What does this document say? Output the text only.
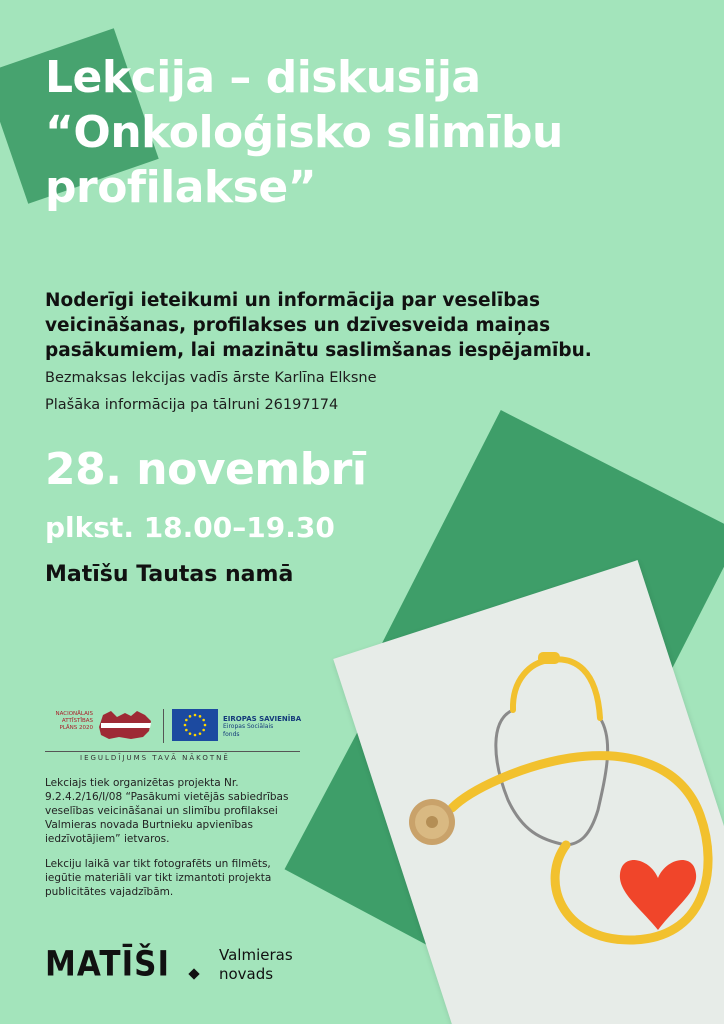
Lekcija – diskusija
“Onkoloģisko slimību
profilakse”
Noderīgi ieteikumi un informācija par veselības
veicināšanas, profilakses un dzīvesveida maiņas
pasākumiem, lai mazinātu saslimšanas iespējamību.
Bezmaksas lekcijas vadīs ārste Karlīna Elksne
Plašāka informācija pa tālruni 26197174
28. novembrī
plkst. 18.00–19.30
Matīšu Tautas namā
NACIONĀLAIS
ATTĪSTĪBAS
PLĀNS 2020
EIROPAS SAVIENĪBA
Eiropas Sociālais
fonds
IEGULDĪJUMS TAVĀ NĀKOTNĒ
Lekciajs tiek organizētas projekta Nr.
9.2.4.2/16/I/08 “Pasākumi vietējās sabiedrības
veselības veicināšanai un slimību profilaksei
Valmieras novada Burtnieku apvienības
iedzīvotājiem” ietvaros.
Lekciju laikā var tikt fotografēts un filmēts,
iegūtie materiāli var tikt izmantoti projekta
publicitātes vajadzībām.
MATĪŠI	Valmieras
novads
